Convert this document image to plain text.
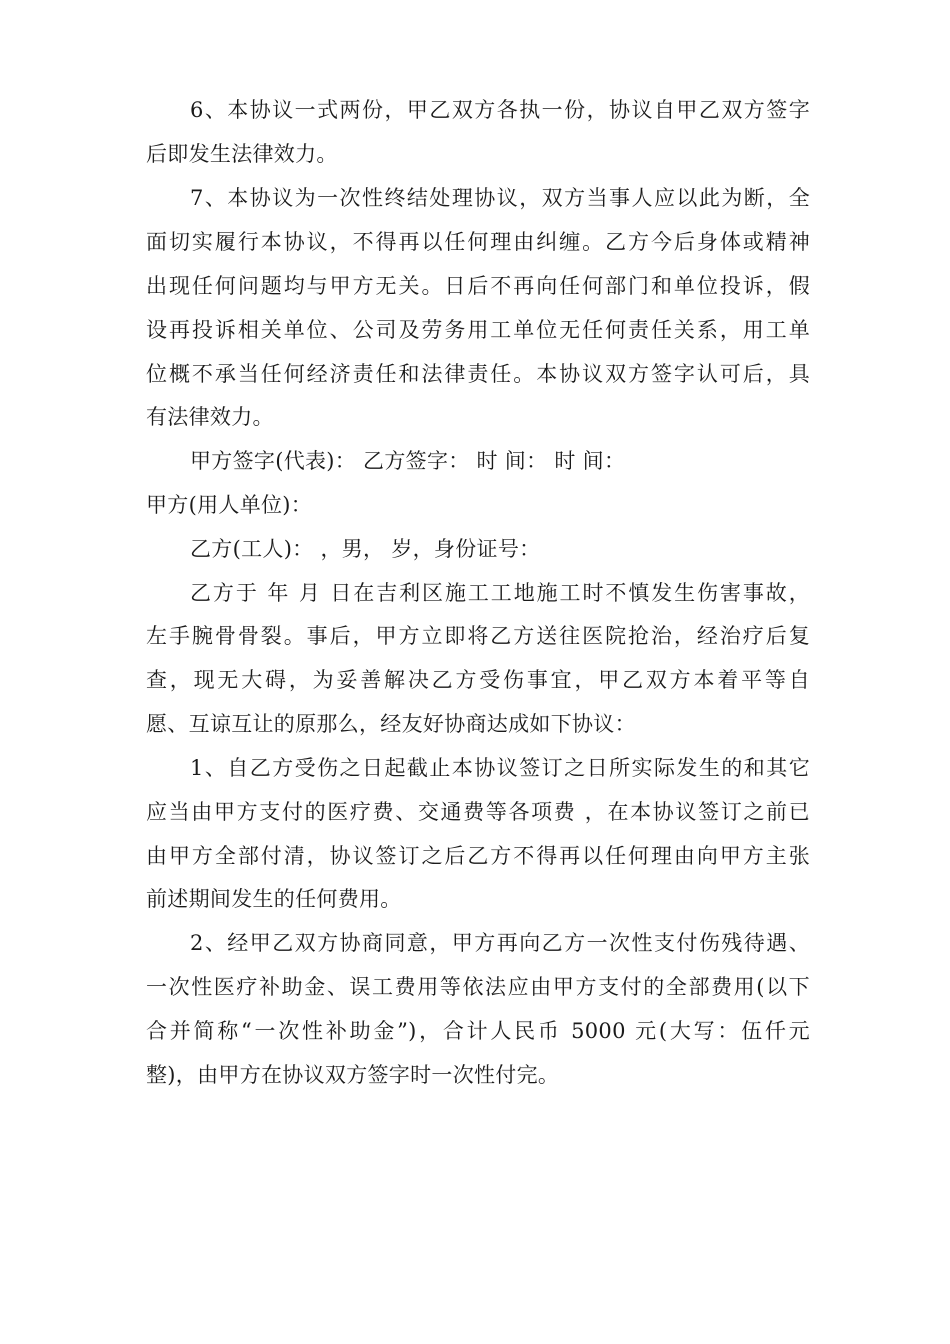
6、本协议一式两份，甲乙双方各执一份，协议自甲乙双方签字
后即发生法律效力。
7、本协议为一次性终结处理协议，双方当事人应以此为断，全
面切实履行本协议，不得再以任何理由纠缠。乙方今后身体或精神
出现任何问题均与甲方无关。日后不再向任何部门和单位投诉，假
设再投诉相关单位、公司及劳务用工单位无任何责任关系，用工单
位概不承当任何经济责任和法律责任。本协议双方签字认可后，具
有法律效力。
甲方签字(代表)： 乙方签字： 时 间： 时 间：
甲方(用人单位)：
乙方(工人)： ，男， 岁，身份证号：
乙方于 年 月 日在吉利区施工工地施工时不慎发生伤害事故，
左手腕骨骨裂。事后，甲方立即将乙方送往医院抢治，经治疗后复
查，现无大碍，为妥善解决乙方受伤事宜，甲乙双方本着平等自
愿、互谅互让的原那么，经友好协商达成如下协议：
1、自乙方受伤之日起截止本协议签订之日所实际发生的和其它
应当由甲方支付的医疗费、交通费等各项费 ，在本协议签订之前已
由甲方全部付清，协议签订之后乙方不得再以任何理由向甲方主张
前述期间发生的任何费用。
2、经甲乙双方协商同意，甲方再向乙方一次性支付伤残待遇、
一次性医疗补助金、误工费用等依法应由甲方支付的全部费用(以下
合并简称“一次性补助金”)，合计人民币 5000 元(大写：伍仟元
整)，由甲方在协议双方签字时一次性付完。
